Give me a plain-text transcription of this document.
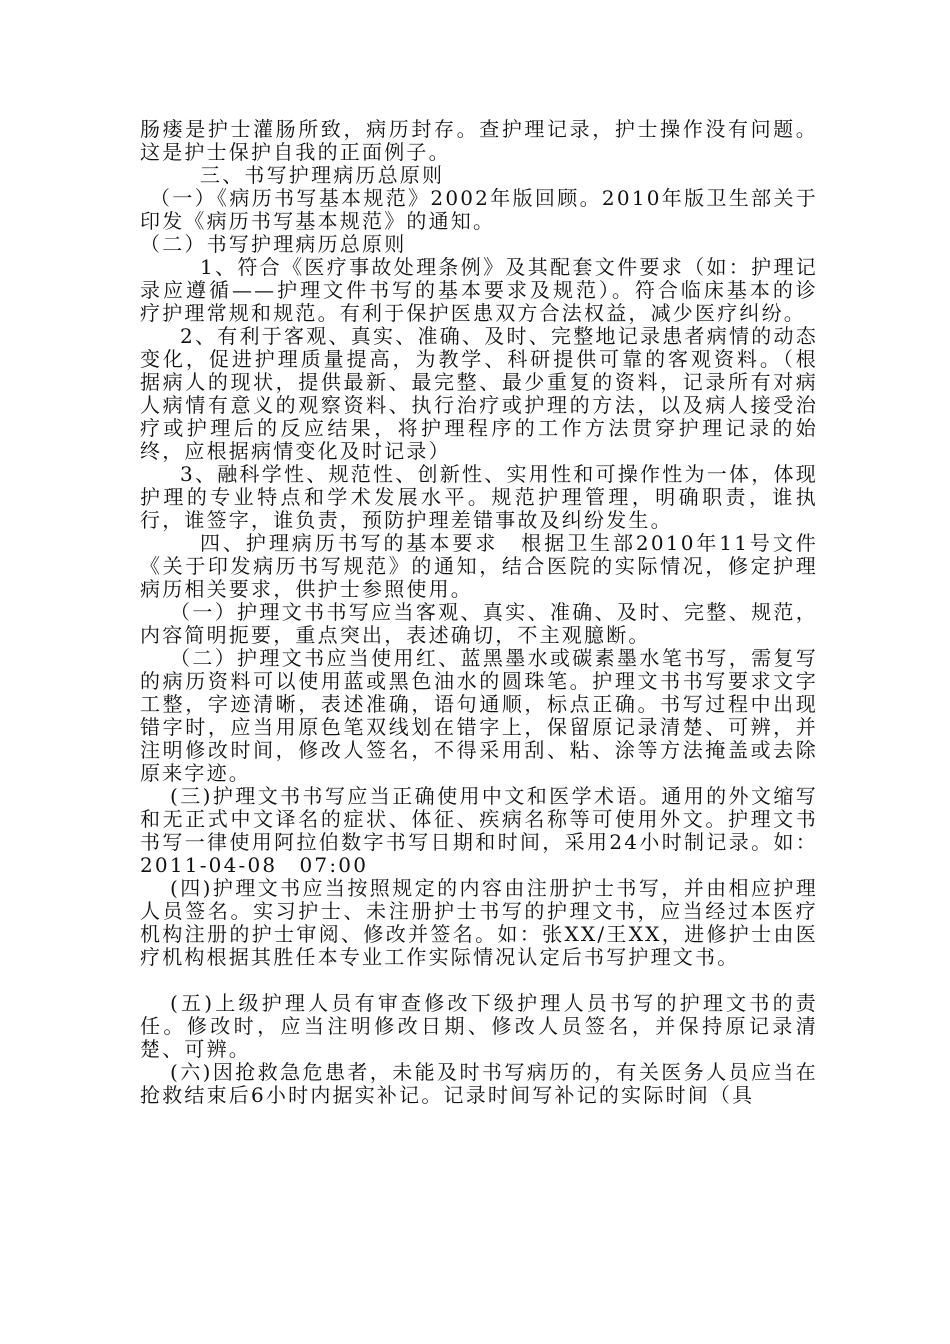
肠瘘是护士灌肠所致，病历封存。查护理记录，护士操作没有问题。这是护士保护自我的正面例子。

三、书写护理病历总原则

（一）《病历书写基本规范》2002年版回顾。2010年版卫生部关于印发《病历书写基本规范》的通知。

（二）书写护理病历总原则

1、符合《医疗事故处理条例》及其配套文件要求（如：护理记录应遵循——护理文件书写的基本要求及规范）。符合临床基本的诊疗护理常规和规范。有利于保护医患双方合法权益，减少医疗纠纷。

2、有利于客观、真实、准确、及时、完整地记录患者病情的动态变化，促进护理质量提高，为教学、科研提供可靠的客观资料。（根据病人的现状，提供最新、最完整、最少重复的资料，记录所有对病人病情有意义的观察资料、执行治疗或护理的方法，以及病人接受治疗或护理后的反应结果，将护理程序的工作方法贯穿护理记录的始终，应根据病情变化及时记录）

3、融科学性、规范性、创新性、实用性和可操作性为一体，体现护理的专业特点和学术发展水平。规范护理管理，明确职责，谁执行，谁签字，谁负责，预防护理差错事故及纠纷发生。

四、护理病历书写的基本要求　根据卫生部2010年11号文件《关于印发病历书写规范》的通知，结合医院的实际情况，修定护理病历相关要求，供护士参照使用。

（一）护理文书书写应当客观、真实、准确、及时、完整、规范，内容简明扼要，重点突出，表述确切，不主观臆断。

（二）护理文书应当使用红、蓝黑墨水或碳素墨水笔书写，需复写的病历资料可以使用蓝或黑色油水的圆珠笔。护理文书书写要求文字工整，字迹清晰，表述准确，语句通顺，标点正确。书写过程中出现错字时，应当用原色笔双线划在错字上，保留原记录清楚、可辨，并注明修改时间，修改人签名，不得采用刮、粘、涂等方法掩盖或去除原来字迹。

(三)护理文书书写应当正确使用中文和医学术语。通用的外文缩写和无正式中文译名的症状、体征、疾病名称等可使用外文。护理文书书写一律使用阿拉伯数字书写日期和时间，采用24小时制记录。如：2011-04-08　07:00

(四)护理文书应当按照规定的内容由注册护士书写，并由相应护理人员签名。实习护士、未注册护士书写的护理文书，应当经过本医疗机构注册的护士审阅、修改并签名。如：张XX/王XX，进修护士由医疗机构根据其胜任本专业工作实际情况认定后书写护理文书。

(五)上级护理人员有审查修改下级护理人员书写的护理文书的责任。修改时，应当注明修改日期、修改人员签名，并保持原记录清楚、可辨。

(六)因抢救急危患者，未能及时书写病历的，有关医务人员应当在抢救结束后6小时内据实补记。记录时间写补记的实际时间（具
